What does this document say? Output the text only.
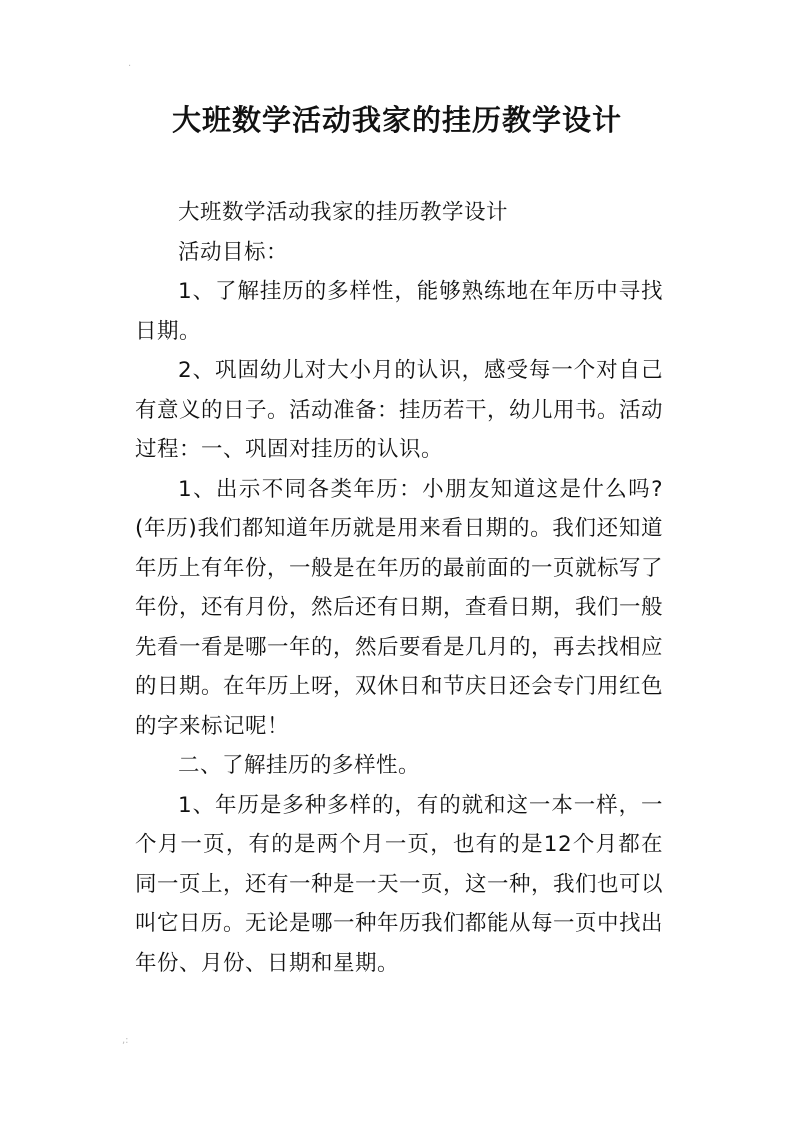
·
大班数学活动我家的挂历教学设计

大班数学活动我家的挂历教学设计

活动目标：

1、了解挂历的多样性，能够熟练地在年历中寻找日期。

2、巩固幼儿对大小月的认识，感受每一个对自己有意义的日子。活动准备：挂历若干，幼儿用书。活动过程：一、巩固对挂历的认识。

1、出示不同各类年历：小朋友知道这是什么吗?(年历)我们都知道年历就是用来看日期的。我们还知道年历上有年份，一般是在年历的最前面的一页就标写了年份，还有月份，然后还有日期，查看日期，我们一般先看一看是哪一年的，然后要看是几月的，再去找相应的日期。在年历上呀，双休日和节庆日还会专门用红色的字来标记呢！

二、了解挂历的多样性。

1、年历是多种多样的，有的就和这一本一样，一个月一页，有的是两个月一页，也有的是12个月都在同一页上，还有一种是一天一页，这一种，我们也可以叫它日历。无论是哪一种年历我们都能从每一页中找出年份、月份、日期和星期。

,:
